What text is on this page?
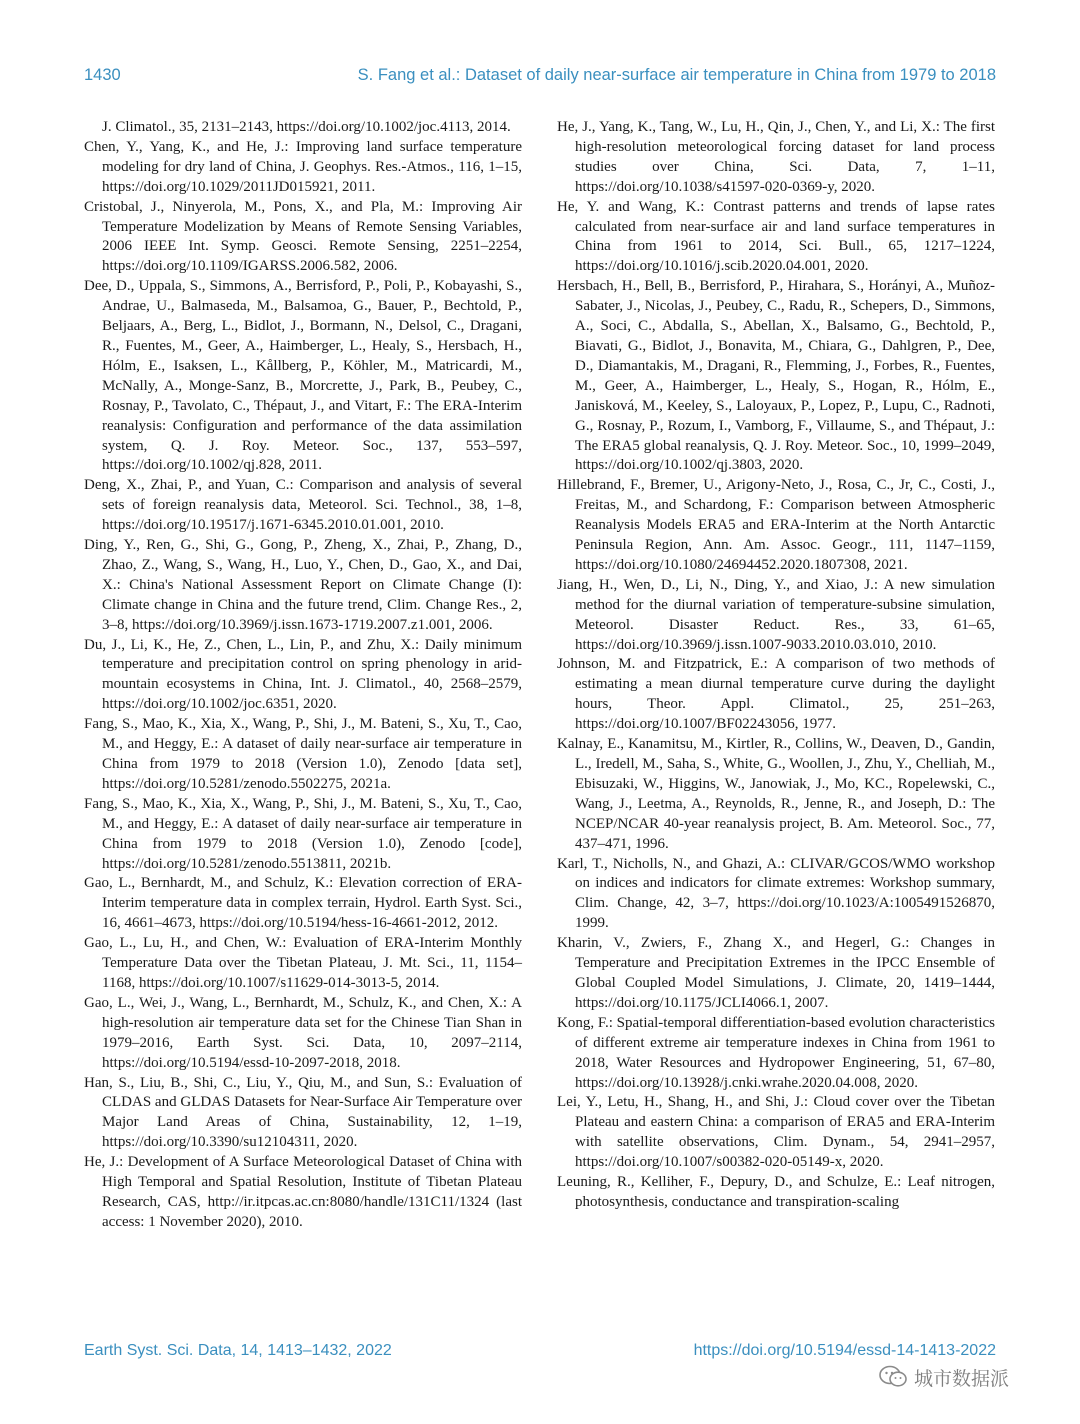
1430	S. Fang et al.: Dataset of daily near-surface air temperature in China from 1979 to 2018

J. Climatol., 35, 2131–2143, https://doi.org/10.1002/joc.4113, 2014.

Chen, Y., Yang, K., and He, J.: Improving land surface temperature modeling for dry land of China, J. Geophys. Res.-Atmos., 116, 1–15, https://doi.org/10.1029/2011JD015921, 2011.

Cristobal, J., Ninyerola, M., Pons, X., and Pla, M.: Improving Air Temperature Modelization by Means of Remote Sensing Variables, 2006 IEEE Int. Symp. Geosci. Remote Sensing, 2251–2254, https://doi.org/10.1109/IGARSS.2006.582, 2006.

Dee, D., Uppala, S., Simmons, A., Berrisford, P., Poli, P., Kobayashi, S., Andrae, U., Balmaseda, M., Balsamoa, G., Bauer, P., Bechtold, P., Beljaars, A., Berg, L., Bidlot, J., Bormann, N., Delsol, C., Dragani, R., Fuentes, M., Geer, A., Haimberger, L., Healy, S., Hersbach, H., Hólm, E., Isaksen, L., Kållberg, P., Köhler, M., Matricardi, M., McNally, A., Monge-Sanz, B., Morcrette, J., Park, B., Peubey, C., Rosnay, P., Tavolato, C., Thépaut, J., and Vitart, F.: The ERA-Interim reanalysis: Configuration and performance of the data assimilation system, Q. J. Roy. Meteor. Soc., 137, 553–597, https://doi.org/10.1002/qj.828, 2011.

Deng, X., Zhai, P., and Yuan, C.: Comparison and analysis of several sets of foreign reanalysis data, Meteorol. Sci. Technol., 38, 1–8, https://doi.org/10.19517/j.1671-6345.2010.01.001, 2010.

Ding, Y., Ren, G., Shi, G., Gong, P., Zheng, X., Zhai, P., Zhang, D., Zhao, Z., Wang, S., Wang, H., Luo, Y., Chen, D., Gao, X., and Dai, X.: China's National Assessment Report on Climate Change (I): Climate change in China and the future trend, Clim. Change Res., 2, 3–8, https://doi.org/10.3969/j.issn.1673-1719.2007.z1.001, 2006.

Du, J., Li, K., He, Z., Chen, L., Lin, P., and Zhu, X.: Daily minimum temperature and precipitation control on spring phenology in arid-mountain ecosystems in China, Int. J. Climatol., 40, 2568–2579, https://doi.org/10.1002/joc.6351, 2020.

Fang, S., Mao, K., Xia, X., Wang, P., Shi, J., M. Bateni, S., Xu, T., Cao, M., and Heggy, E.: A dataset of daily near-surface air temperature in China from 1979 to 2018 (Version 1.0), Zenodo [data set], https://doi.org/10.5281/zenodo.5502275, 2021a.

Fang, S., Mao, K., Xia, X., Wang, P., Shi, J., M. Bateni, S., Xu, T., Cao, M., and Heggy, E.: A dataset of daily near-surface air temperature in China from 1979 to 2018 (Version 1.0), Zenodo [code], https://doi.org/10.5281/zenodo.5513811, 2021b.

Gao, L., Bernhardt, M., and Schulz, K.: Elevation correction of ERA-Interim temperature data in complex terrain, Hydrol. Earth Syst. Sci., 16, 4661–4673, https://doi.org/10.5194/hess-16-4661-2012, 2012.

Gao, L., Lu, H., and Chen, W.: Evaluation of ERA-Interim Monthly Temperature Data over the Tibetan Plateau, J. Mt. Sci., 11, 1154–1168, https://doi.org/10.1007/s11629-014-3013-5, 2014.

Gao, L., Wei, J., Wang, L., Bernhardt, M., Schulz, K., and Chen, X.: A high-resolution air temperature data set for the Chinese Tian Shan in 1979–2016, Earth Syst. Sci. Data, 10, 2097–2114, https://doi.org/10.5194/essd-10-2097-2018, 2018.

Han, S., Liu, B., Shi, C., Liu, Y., Qiu, M., and Sun, S.: Evaluation of CLDAS and GLDAS Datasets for Near-Surface Air Temperature over Major Land Areas of China, Sustainability, 12, 1–19, https://doi.org/10.3390/su12104311, 2020.

He, J.: Development of A Surface Meteorological Dataset of China with High Temporal and Spatial Resolution, Institute of Tibetan Plateau Research, CAS, http://ir.itpcas.ac.cn:8080/handle/131C11/1324 (last access: 1 November 2020), 2010.

He, J., Yang, K., Tang, W., Lu, H., Qin, J., Chen, Y., and Li, X.: The first high-resolution meteorological forcing dataset for land process studies over China, Sci. Data, 7, 1–11, https://doi.org/10.1038/s41597-020-0369-y, 2020.

He, Y. and Wang, K.: Contrast patterns and trends of lapse rates calculated from near-surface air and land surface temperatures in China from 1961 to 2014, Sci. Bull., 65, 1217–1224, https://doi.org/10.1016/j.scib.2020.04.001, 2020.

Hersbach, H., Bell, B., Berrisford, P., Hirahara, S., Horányi, A., Muñoz-Sabater, J., Nicolas, J., Peubey, C., Radu, R., Schepers, D., Simmons, A., Soci, C., Abdalla, S., Abellan, X., Balsamo, G., Bechtold, P., Biavati, G., Bidlot, J., Bonavita, M., Chiara, G., Dahlgren, P., Dee, D., Diamantakis, M., Dragani, R., Flemming, J., Forbes, R., Fuentes, M., Geer, A., Haimberger, L., Healy, S., Hogan, R., Hólm, E., Janisková, M., Keeley, S., Laloyaux, P., Lopez, P., Lupu, C., Radnoti, G., Rosnay, P., Rozum, I., Vamborg, F., Villaume, S., and Thépaut, J.: The ERA5 global reanalysis, Q. J. Roy. Meteor. Soc., 10, 1999–2049, https://doi.org/10.1002/qj.3803, 2020.

Hillebrand, F., Bremer, U., Arigony-Neto, J., Rosa, C., Jr, C., Costi, J., Freitas, M., and Schardong, F.: Comparison between Atmospheric Reanalysis Models ERA5 and ERA-Interim at the North Antarctic Peninsula Region, Ann. Am. Assoc. Geogr., 111, 1147–1159, https://doi.org/10.1080/24694452.2020.1807308, 2021.

Jiang, H., Wen, D., Li, N., Ding, Y., and Xiao, J.: A new simulation method for the diurnal variation of temperature-subsine simulation, Meteorol. Disaster Reduct. Res., 33, 61–65, https://doi.org/10.3969/j.issn.1007-9033.2010.03.010, 2010.

Johnson, M. and Fitzpatrick, E.: A comparison of two methods of estimating a mean diurnal temperature curve during the daylight hours, Theor. Appl. Climatol., 25, 251–263, https://doi.org/10.1007/BF02243056, 1977.

Kalnay, E., Kanamitsu, M., Kirtler, R., Collins, W., Deaven, D., Gandin, L., Iredell, M., Saha, S., White, G., Woollen, J., Zhu, Y., Chelliah, M., Ebisuzaki, W., Higgins, W., Janowiak, J., Mo, KC., Ropelewski, C., Wang, J., Leetma, A., Reynolds, R., Jenne, R., and Joseph, D.: The NCEP/NCAR 40-year reanalysis project, B. Am. Meteorol. Soc., 77, 437–471, 1996.

Karl, T., Nicholls, N., and Ghazi, A.: CLIVAR/GCOS/WMO workshop on indices and indicators for climate extremes: Workshop summary, Clim. Change, 42, 3–7, https://doi.org/10.1023/A:1005491526870, 1999.

Kharin, V., Zwiers, F., Zhang X., and Hegerl, G.: Changes in Temperature and Precipitation Extremes in the IPCC Ensemble of Global Coupled Model Simulations, J. Climate, 20, 1419–1444, https://doi.org/10.1175/JCLI4066.1, 2007.

Kong, F.: Spatial-temporal differentiation-based evolution characteristics of different extreme air temperature indexes in China from 1961 to 2018, Water Resources and Hydropower Engineering, 51, 67–80, https://doi.org/10.13928/j.cnki.wrahe.2020.04.008, 2020.

Lei, Y., Letu, H., Shang, H., and Shi, J.: Cloud cover over the Tibetan Plateau and eastern China: a comparison of ERA5 and ERA-Interim with satellite observations, Clim. Dynam., 54, 2941–2957, https://doi.org/10.1007/s00382-020-05149-x, 2020.

Leuning, R., Kelliher, F., Depury, D., and Schulze, E.: Leaf nitrogen, photosynthesis, conductance and transpiration-scaling

Earth Syst. Sci. Data, 14, 1413–1432, 2022	https://doi.org/10.5194/essd-14-1413-2022
城市数据派
